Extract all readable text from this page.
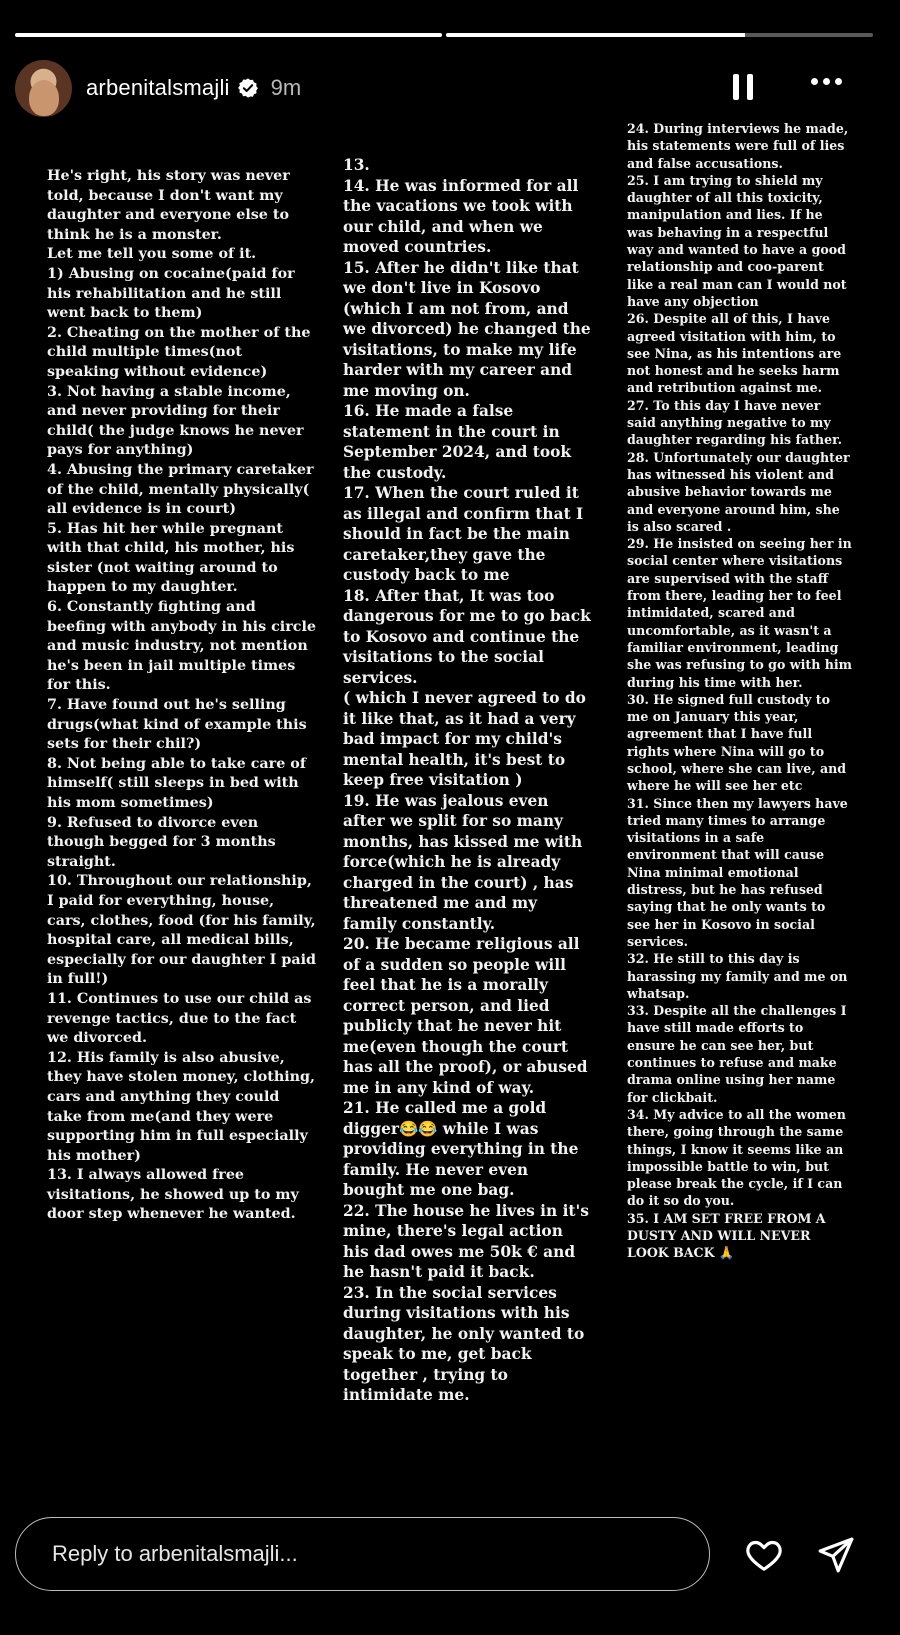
arbenitalsmajli 9m
He's right, his story was never told, because I don't want my daughter and everyone else to think he is a monster.
Let me tell you some of it.
1) Abusing on cocaine(paid for his rehabilitation and he still went back to them)
2. Cheating on the mother of the child multiple times(not speaking without evidence)
3. Not having a stable income, and never providing for their child( the judge knows he never pays for anything)
4. Abusing the primary caretaker of the child, mentally physically( all evidence is in court)
5. Has hit her while pregnant with that child, his mother, his sister (not waiting around to happen to my daughter.
6. Constantly fighting and beefing with anybody in his circle and music industry, not mention he's been in jail multiple times for this.
7. Have found out he's selling drugs(what kind of example this sets for their chil?)
8. Not being able to take care of himself( still sleeps in bed with his mom sometimes)
9. Refused to divorce even though begged for 3 months straight.
10. Throughout our relationship, I paid for everything, house, cars, clothes, food (for his family, hospital care, all medical bills, especially for our daughter I paid in full!)
11. Continues to use our child as revenge tactics, due to the fact we divorced.
12. His family is also abusive, they have stolen money, clothing, cars and anything they could take from me(and they were supporting him in full especially his mother)
13. I always allowed free visitations, he showed up to my door step whenever he wanted.
13.
14. He was informed for all the vacations we took with our child, and when we moved countries.
15. After he didn't like that we don't live in Kosovo (which I am not from, and we divorced) he changed the visitations, to make my life harder with my career and me moving on.
16. He made a false statement in the court in September 2024, and took the custody.
17. When the court ruled it as illegal and confirm that I should in fact be the main caretaker,they gave the custody back to me
18. After that, It was too dangerous for me to go back to Kosovo and continue the visitations to the social services.
( which I never agreed to do it like that, as it had a very bad impact for my child's mental health, it's best to keep free visitation )
19. He was jealous even after we split for so many months, has kissed me with force(which he is already charged in the court) , has threatened me and my family constantly.
20. He became religious all of a sudden so people will feel that he is a morally correct person, and lied publicly that he never hit me(even though the court has all the proof), or abused me in any kind of way.
21. He called me a gold digger😂😂 while I was providing everything in the family. He never even bought me one bag.
22. The house he lives in it's mine, there's legal action his dad owes me 50k € and he hasn't paid it back.
23. In the social services during visitations with his daughter, he only wanted to speak to me, get back together , trying to intimidate me.
24. During interviews he made, his statements were full of lies and false accusations.
25. I am trying to shield my daughter of all this toxicity, manipulation and lies. If he was behaving in a respectful way and wanted to have a good relationship and coo-parent like a real man can I would not have any objection
26. Despite all of this, I have agreed visitation with him, to see Nina, as his intentions are not honest and he seeks harm and retribution against me.
27. To this day I have never said anything negative to my daughter regarding his father.
28. Unfortunately our daughter has witnessed his violent and abusive behavior towards me and everyone around him, she is also scared .
29. He insisted on seeing her in social center where visitations are supervised with the staff from there, leading her to feel intimidated, scared and uncomfortable, as it wasn't a familiar environment, leading she was refusing to go with him during his time with her.
30. He signed full custody to me on January this year, agreement that I have full rights where Nina will go to school, where she can live, and where he will see her etc
31. Since then my lawyers have tried many times to arrange visitations in a safe environment that will cause Nina minimal emotional distress, but he has refused saying that he only wants to see her in Kosovo in social services.
32. He still to this day is harassing my family and me on whatsap.
33. Despite all the challenges I have still made efforts to ensure he can see her, but continues to refuse and make drama online using her name for clickbait.
34. My advice to all the women there, going through the same things, I know it seems like an impossible battle to win, but please break the cycle, if I can do it so do you.
35. I AM SET FREE FROM A DUSTY AND WILL NEVER LOOK BACK 🙏
Reply to arbenitalsmajli...
